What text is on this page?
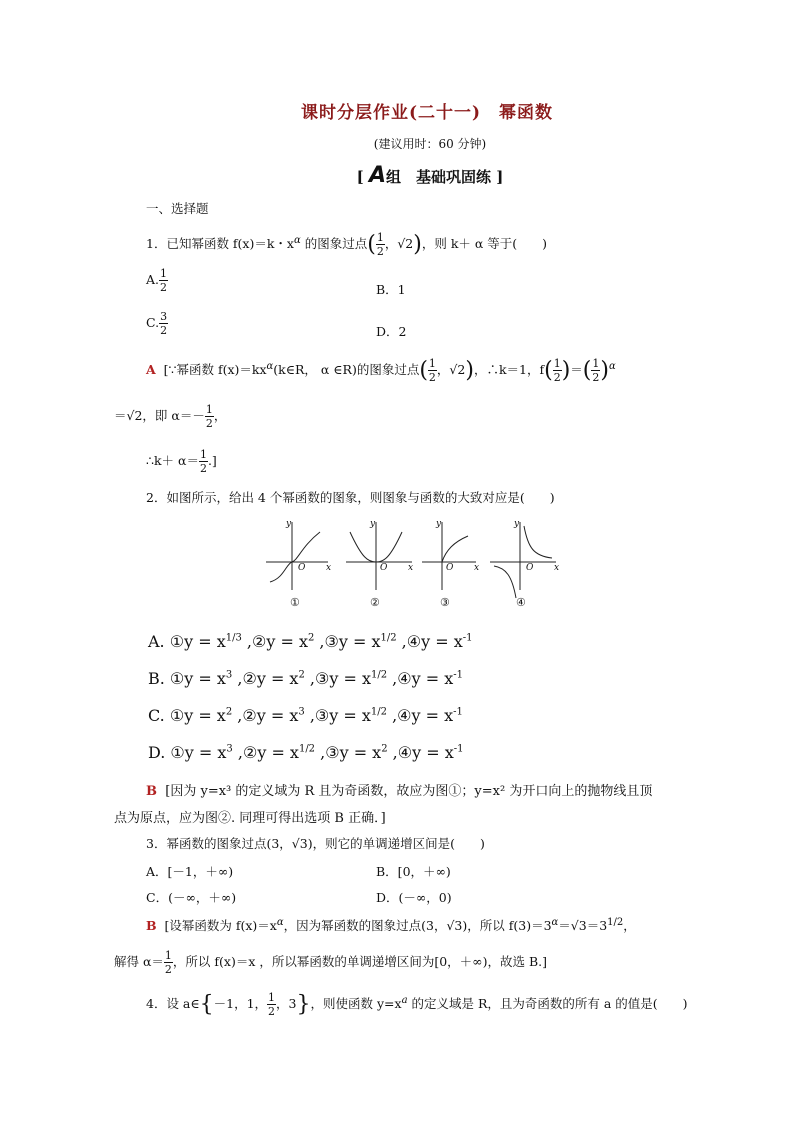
课时分层作业(二十一) 幂函数
(建议用时：60 分钟)
[ A组　基础巩固练 ]
一、选择题
1．已知幂函数 f(x)＝k・$x^\alpha$ 的图象过点( $\frac{1}{2}$ ，√2)，则 k＋ α 等于(　　)
A. $\frac{1}{2}$	B．1
C. $\frac{3}{2}$	D．2
A [∵幂函数 $f(x)=kx^\alpha(k\in R$， α ∈R)的图象过点( $\frac{1}{2}$ ，√2)，∴k＝1，$f( \frac{1}{2}$ )＝( $\frac{1}{2} )^\alpha$
＝√2，即 $\alpha=- \frac{1}{2}$ ，
∴k＋ $\alpha= \frac{1}{2}$ .]
2．如图所示，给出 4 个幂函数的图象，则图象与函数的大致对应是(　　)
y
x
O
y
x
O
y
x
O
y
x
O
①	②	③	④
A. ①y = $x^{1/3}$ ,②y = $x^2$ ,③y = $x^{1/2}$ ,④y = $x^{-1}$
B. ①y = $x^3$ ,②y = $x^2$ ,③y = $x^{1/2}$ ,④y = $x^{-1}$
C. ①y = $x^2$ ,②y = $x^3$ ,③y = $x^{1/2}$ ,④y = $x^{-1}$
D. ①y = $x^3$ ,②y = $x^{1/2}$ ,③y = $x^2$ ,④y = $x^{-1}$
B [因为 y=x³ 的定义域为 R 且为奇函数，故应为图①；y=x² 为开口向上的抛物线且顶
点为原点，应为图②. 同理可得出选项 B 正确．]
3．幂函数的图象过点(3，√3)，则它的单调递增区间是(　　)
A．[－1，＋∞)	B．[0，＋∞)
C．(－∞，＋∞)	D．(－∞，0)
B [设幂函数为 $f(x)=x^\alpha$，因为幂函数的图象过点(3，√3)，所以 $f(3)=3^\alpha=√3=3^{1/2}$，
解得 $\alpha= \frac{1}{2}$ ，所以 f(x)＝x ，所以幂函数的单调递增区间为[0，＋∞)，故选 B.]
4．设 a∈{－1，1， $\frac{1}{2}$ ，3}，则使函数 $y=x^a$ 的定义域是 R，且为奇函数的所有 a 的值是(　　)
